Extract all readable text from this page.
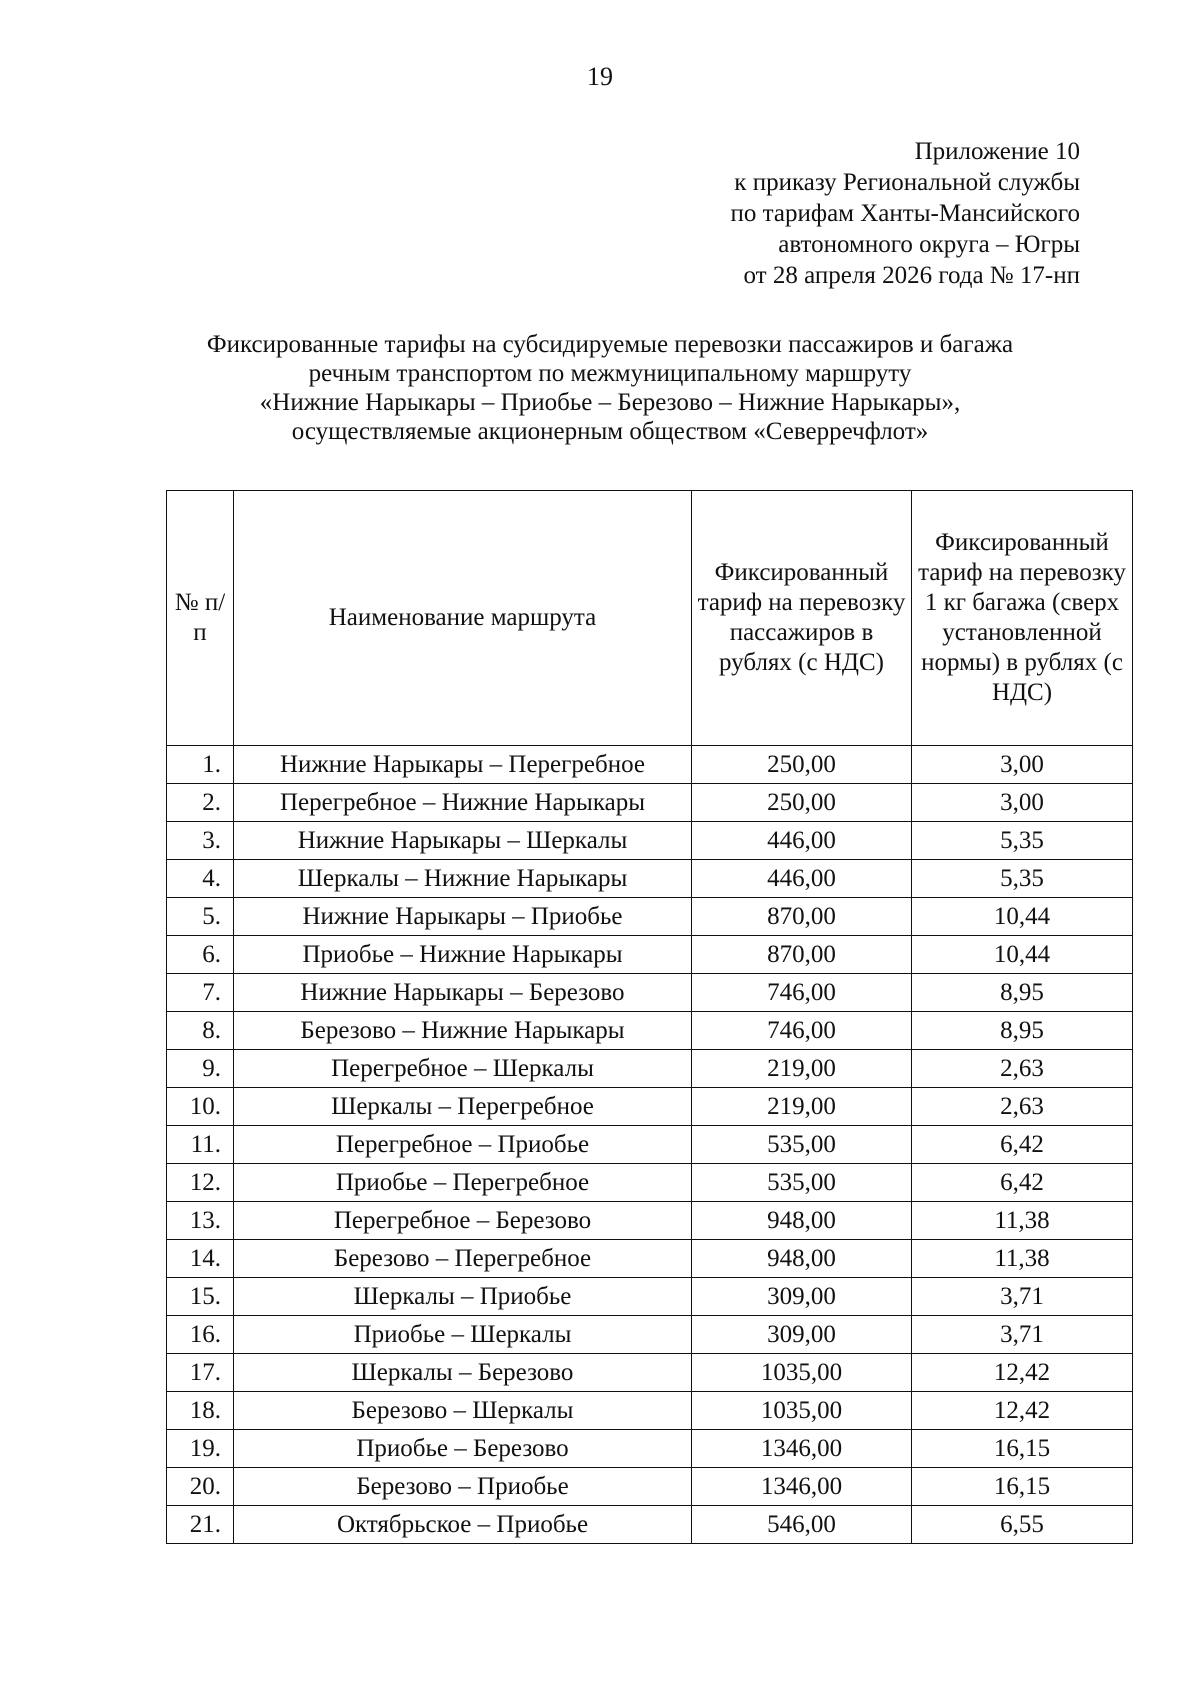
19
Приложение 10
к приказу Региональной службы
по тарифам Ханты-Мансийского
автономного округа – Югры
от 28 апреля 2026 года № 17-нп
Фиксированные тарифы на субсидируемые перевозки пассажиров и багажа
речным транспортом по межмуниципальному маршруту
«Нижние Нарыкары – Приобье – Березово – Нижние Нарыкары»,
осуществляемые акционерным обществом «Северречфлот»
№ п/п	Наименование маршрута	Фиксированный тариф на перевозку пассажиров в рублях (с НДС)	Фиксированный тариф на перевозку 1 кг багажа (сверх установленной нормы) в рублях (с НДС)
1.	Нижние Нарыкары – Перегребное	250,00	3,00
2.	Перегребное – Нижние Нарыкары	250,00	3,00
3.	Нижние Нарыкары – Шеркалы	446,00	5,35
4.	Шеркалы – Нижние Нарыкары	446,00	5,35
5.	Нижние Нарыкары – Приобье	870,00	10,44
6.	Приобье – Нижние Нарыкары	870,00	10,44
7.	Нижние Нарыкары – Березово	746,00	8,95
8.	Березово – Нижние Нарыкары	746,00	8,95
9.	Перегребное – Шеркалы	219,00	2,63
10.	Шеркалы – Перегребное	219,00	2,63
11.	Перегребное – Приобье	535,00	6,42
12.	Приобье – Перегребное	535,00	6,42
13.	Перегребное – Березово	948,00	11,38
14.	Березово – Перегребное	948,00	11,38
15.	Шеркалы – Приобье	309,00	3,71
16.	Приобье – Шеркалы	309,00	3,71
17.	Шеркалы – Березово	1035,00	12,42
18.	Березово – Шеркалы	1035,00	12,42
19.	Приобье – Березово	1346,00	16,15
20.	Березово – Приобье	1346,00	16,15
21.	Октябрьское – Приобье	546,00	6,55
